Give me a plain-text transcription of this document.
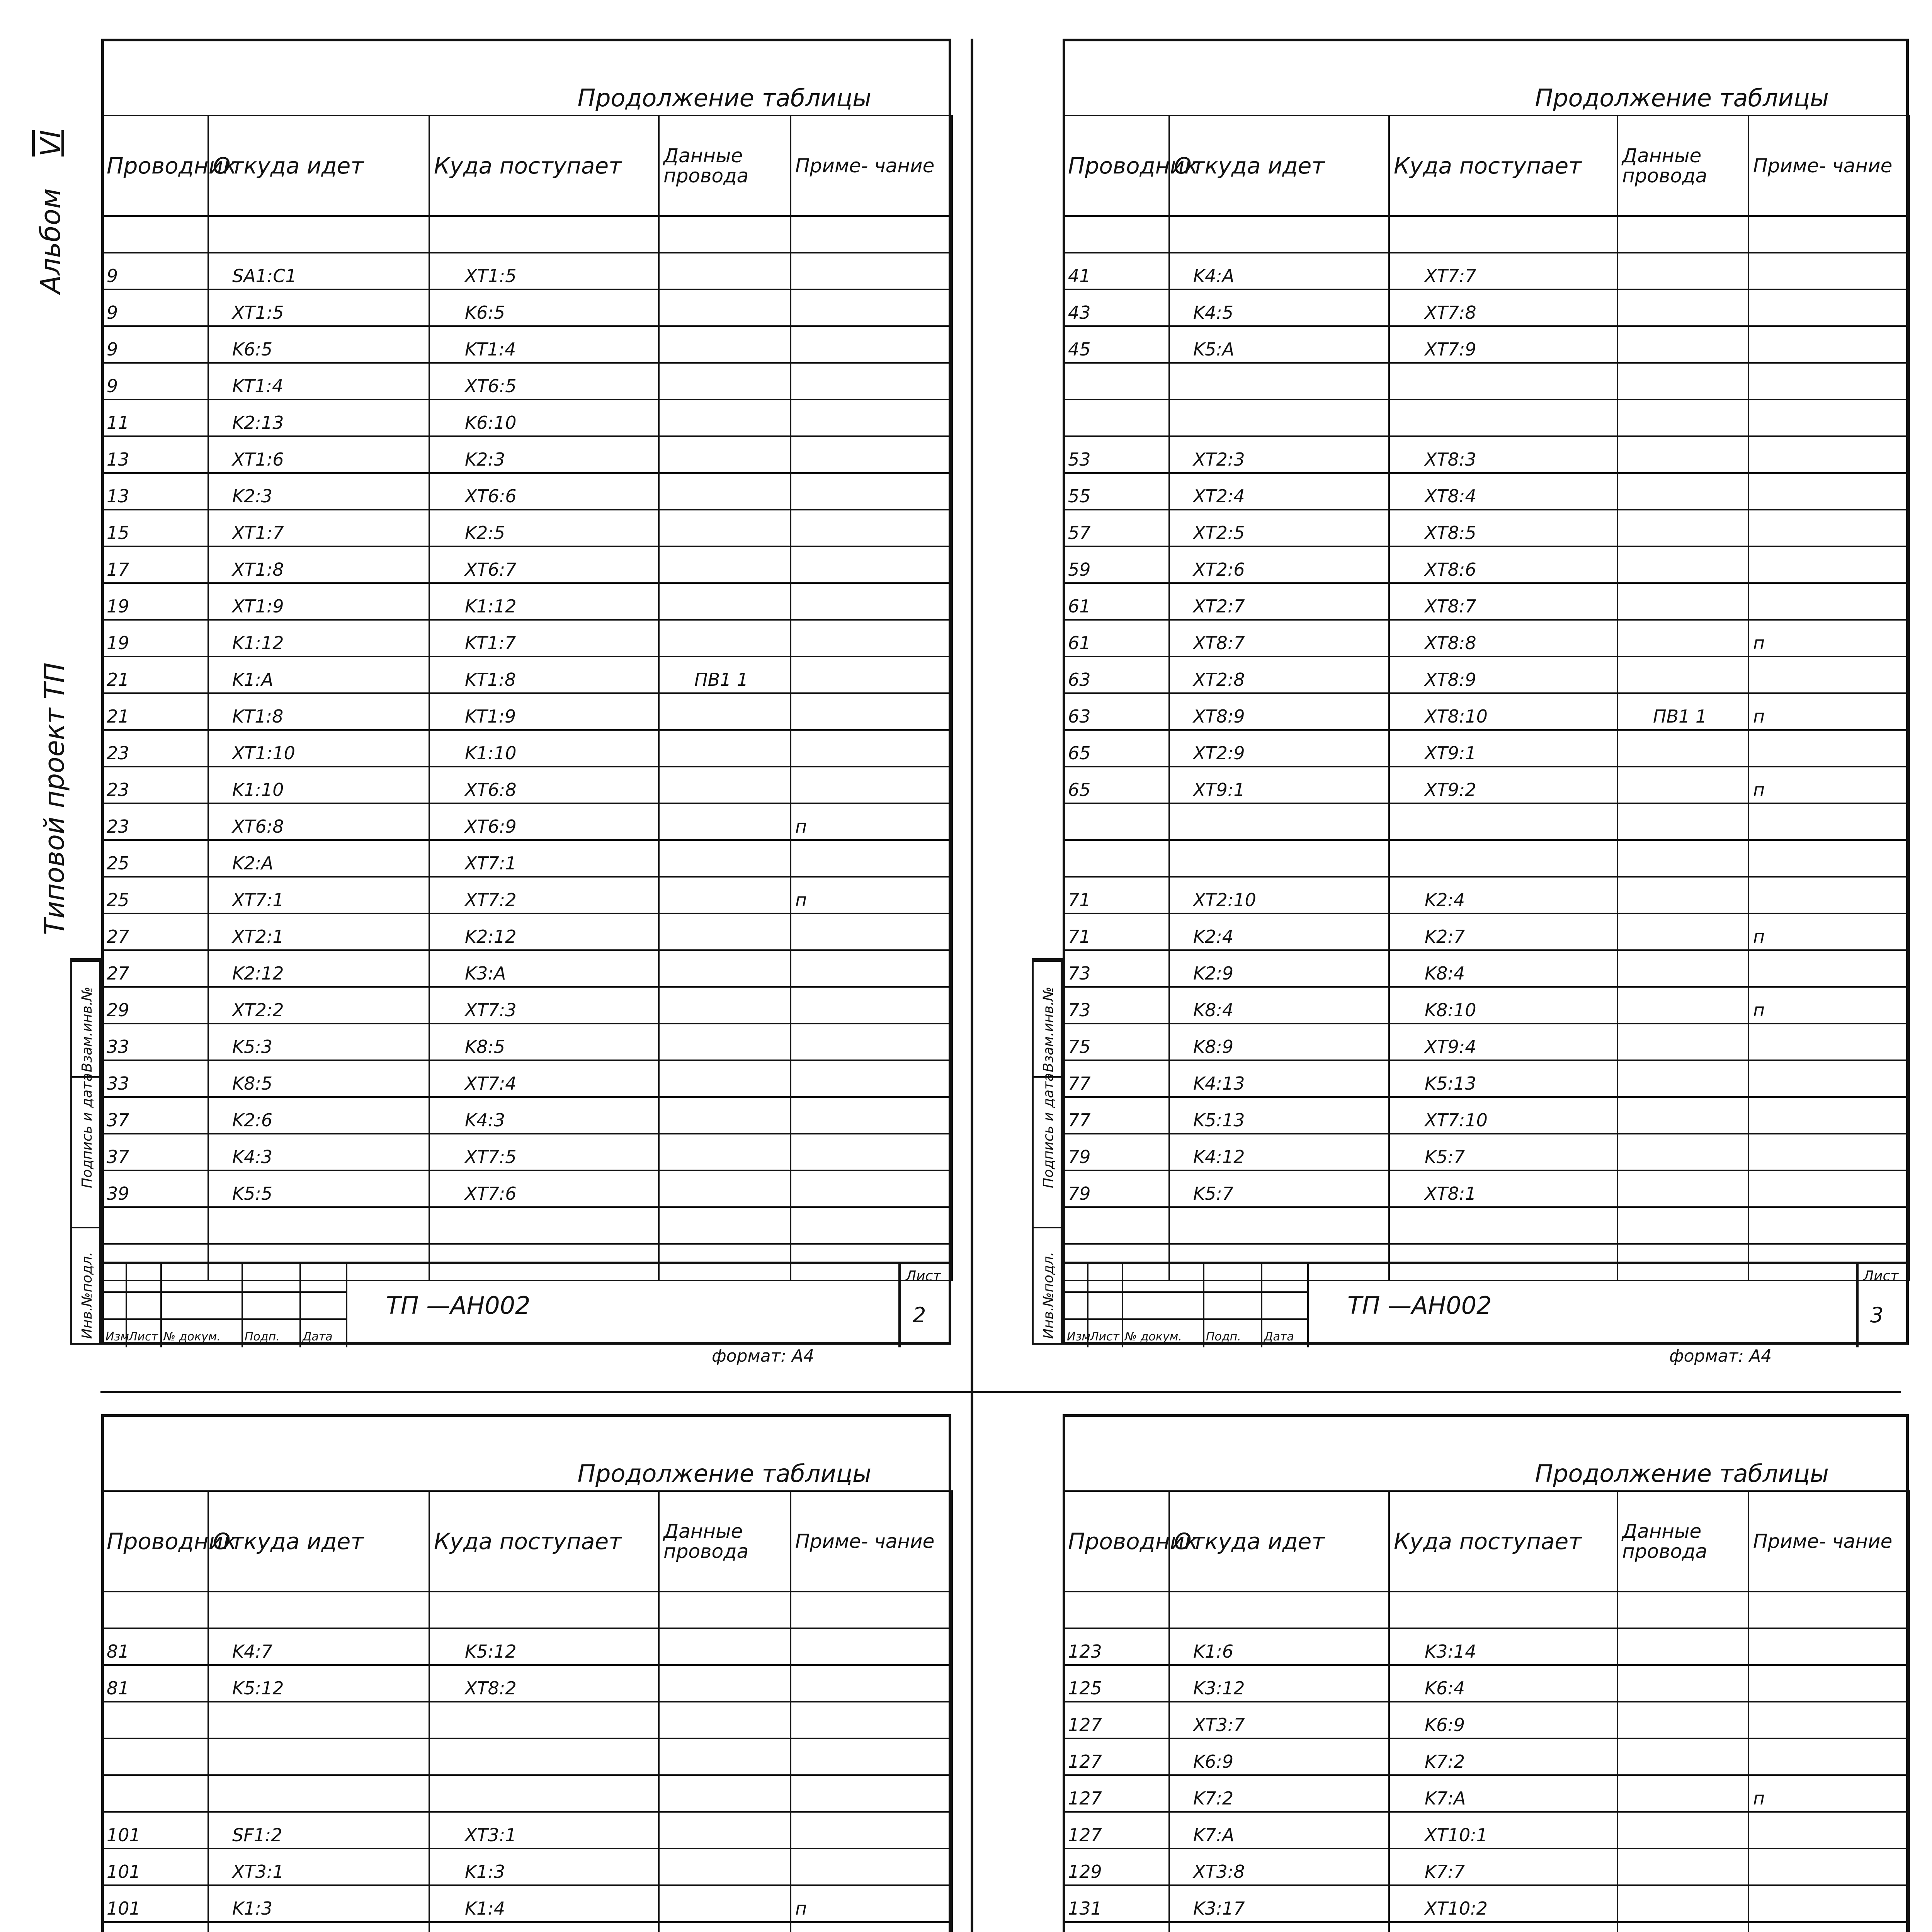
Альбом VI
Типовой проект ТП
Продолжение таблицы
Проводник	Откуда идет	Куда поступает	Данные провода	Приме- чание

9	SA1:C1	XT1:5		
9	XT1:5	K6:5		
9	K6:5	KT1:4		
9	KT1:4	XT6:5		
11	K2:13	K6:10		
13	XT1:6	K2:3		
13	K2:3	XT6:6		
15	XT1:7	K2:5		
17	XT1:8	XT6:7		
19	XT1:9	K1:12		
19	K1:12	KT1:7		
21	K1:A	KT1:8	ПВ1 1	
21	KT1:8	KT1:9		
23	XT1:10	K1:10		
23	K1:10	XT6:8		
23	XT6:8	XT6:9		п
25	K2:A	XT7:1		
25	XT7:1	XT7:2		п
27	XT2:1	K2:12		
27	K2:12	K3:A		
29	XT2:2	XT7:3		
33	K5:3	K8:5		
33	K8:5	XT7:4		
37	K2:6	K4:3		
37	K4:3	XT7:5		
39	K5:5	XT7:6		

Изм
Лист № докум. Подп. Дата
ТП —АН002
Лист
2
формат: А4
Взам.инв.№
Подпись и дата
Инв.№подл.
Продолжение таблицы
Проводник	Откуда идет	Куда поступает	Данные провода	Приме- чание

41	K4:A	XT7:7		
43	K4:5	XT7:8		
45	K5:A	XT7:9		

53	XT2:3	XT8:3		
55	XT2:4	XT8:4		
57	XT2:5	XT8:5		
59	XT2:6	XT8:6		
61	XT2:7	XT8:7		
61	XT8:7	XT8:8		п
63	XT2:8	XT8:9		
63	XT8:9	XT8:10	ПВ1 1	п
65	XT2:9	XT9:1		
65	XT9:1	XT9:2		п

71	XT2:10	K2:4		
71	K2:4	K2:7		п
73	K2:9	K8:4		
73	K8:4	K8:10		п
75	K8:9	XT9:4		
77	K4:13	K5:13		
77	K5:13	XT7:10		
79	K4:12	K5:7		
79	K5:7	XT8:1		

Изм
Лист № докум. Подп. Дата
ТП —АН002
Лист
3
формат: А4
Взам.инв.№
Подпись и дата
Инв.№подл.
Продолжение таблицы
Проводник	Откуда идет	Куда поступает	Данные провода	Приме- чание

81	K4:7	K5:12		
81	K5:12	XT8:2		

101	SF1:2	XT3:1		
101	XT3:1	K1:3		
101	K1:3	K1:4		п

Продолжение таблицы
Проводник	Откуда идет	Куда поступает	Данные провода	Приме- чание

123	K1:6	K3:14		
125	K3:12	K6:4		
127	XT3:7	K6:9		
127	K6:9	K7:2		
127	K7:2	K7:A		п
127	K7:A	XT10:1		
129	XT3:8	K7:7		
131	K3:17	XT10:2		
